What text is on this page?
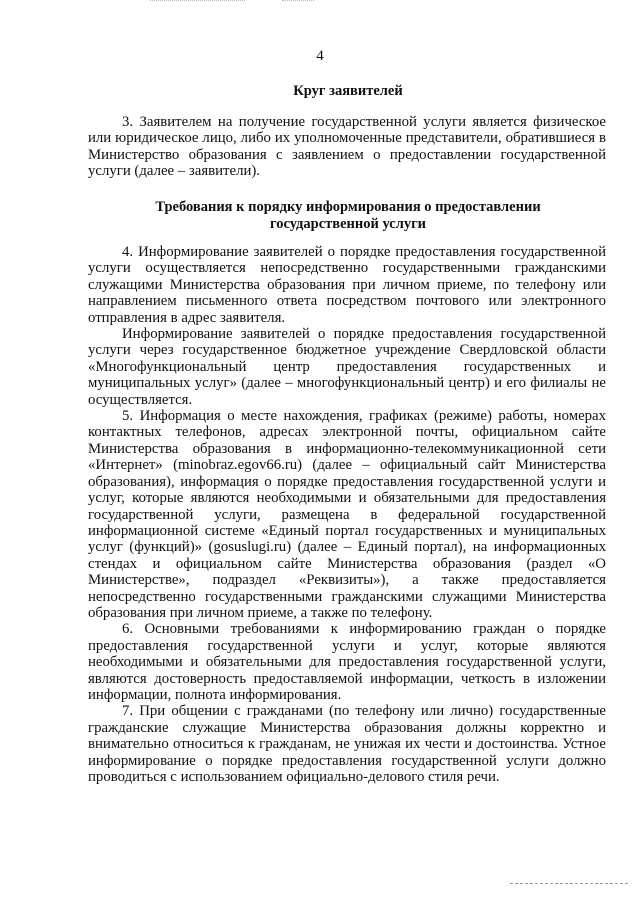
4
Круг заявителей

3. Заявителем на получение государственной услуги является физическое или юридическое лицо, либо их уполномоченные представители, обратившиеся в Министерство образования с заявлением о предоставлении государственной услуги (далее – заявители).

Требования к порядку информирования о предоставлении
государственной услуги

4. Информирование заявителей о порядке предоставления государственной услуги осуществляется непосредственно государственными гражданскими служащими Министерства образования при личном приеме, по телефону или направлением письменного ответа посредством почтового или электронного отправления в адрес заявителя.

Информирование заявителей о порядке предоставления государственной услуги через государственное бюджетное учреждение Свердловской области «Многофункциональный центр предоставления государственных и муниципальных услуг» (далее – многофункциональный центр) и его филиалы не осуществляется.

5. Информация о месте нахождения, графиках (режиме) работы, номерах контактных телефонов, адресах электронной почты, официальном сайте Министерства образования в информационно-телекоммуникационной сети «Интернет» (minobraz.egov66.ru) (далее – официальный сайт Министерства образования), информация о порядке предоставления государственной услуги и услуг, которые являются необходимыми и обязательными для предоставления государственной услуги, размещена в федеральной государственной информационной системе «Единый портал государственных и муниципальных услуг (функций)» (gosuslugi.ru) (далее – Единый портал), на информационных стендах и официальном сайте Министерства образования (раздел «О Министерстве», подраздел «Реквизиты»), а также предоставляется непосредственно государственными гражданскими служащими Министерства образования при личном приеме, а также по телефону.

6. Основными требованиями к информированию граждан о порядке предоставления государственной услуги и услуг, которые являются необходимыми и обязательными для предоставления государственной услуги, являются достоверность предоставляемой информации, четкость в изложении информации, полнота информирования.

7. При общении с гражданами (по телефону или лично) государственные гражданские служащие Министерства образования должны корректно и внимательно относиться к гражданам, не унижая их чести и достоинства. Устное информирование о порядке предоставления государственной услуги должно проводиться с использованием официально-делового стиля речи.
